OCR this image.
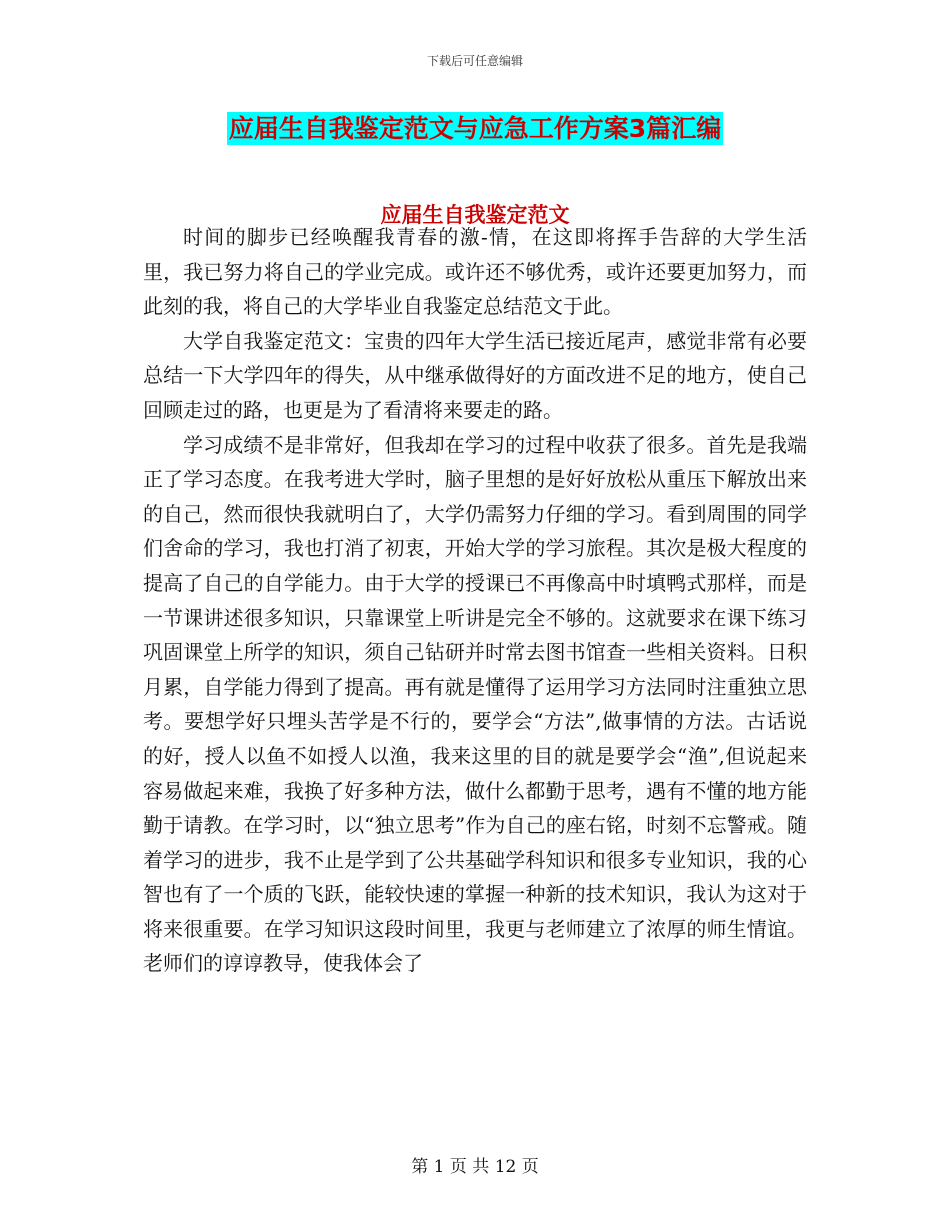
下载后可任意编辑
应届生自我鉴定范文与应急工作方案3篇汇编
应届生自我鉴定范文

时间的脚步已经唤醒我青春的激-情，在这即将挥手告辞的大学生活里，我已努力将自己的学业完成。或许还不够优秀，或许还要更加努力，而此刻的我，将自己的大学毕业自我鉴定总结范文于此。

大学自我鉴定范文：宝贵的四年大学生活已接近尾声，感觉非常有必要总结一下大学四年的得失，从中继承做得好的方面改进不足的地方，使自己回顾走过的路，也更是为了看清将来要走的路。

学习成绩不是非常好，但我却在学习的过程中收获了很多。首先是我端正了学习态度。在我考进大学时，脑子里想的是好好放松从重压下解放出来的自己，然而很快我就明白了，大学仍需努力仔细的学习。看到周围的同学们舍命的学习，我也打消了初衷，开始大学的学习旅程。其次是极大程度的提高了自己的自学能力。由于大学的授课已不再像高中时填鸭式那样，而是一节课讲述很多知识，只靠课堂上听讲是完全不够的。这就要求在课下练习巩固课堂上所学的知识，须自己钻研并时常去图书馆查一些相关资料。日积月累，自学能力得到了提高。再有就是懂得了运用学习方法同时注重独立思考。要想学好只埋头苦学是不行的，要学会“方法”,做事情的方法。古话说的好，授人以鱼不如授人以渔，我来这里的目的就是要学会“渔”,但说起来容易做起来难，我换了好多种方法，做什么都勤于思考，遇有不懂的地方能勤于请教。在学习时，以“独立思考”作为自己的座右铭，时刻不忘警戒。随着学习的进步，我不止是学到了公共基础学科知识和很多专业知识，我的心智也有了一个质的飞跃，能较快速的掌握一种新的技术知识，我认为这对于将来很重要。在学习知识这段时间里，我更与老师建立了浓厚的师生情谊。老师们的谆谆教导，使我体会了

第 1 页 共 12 页
